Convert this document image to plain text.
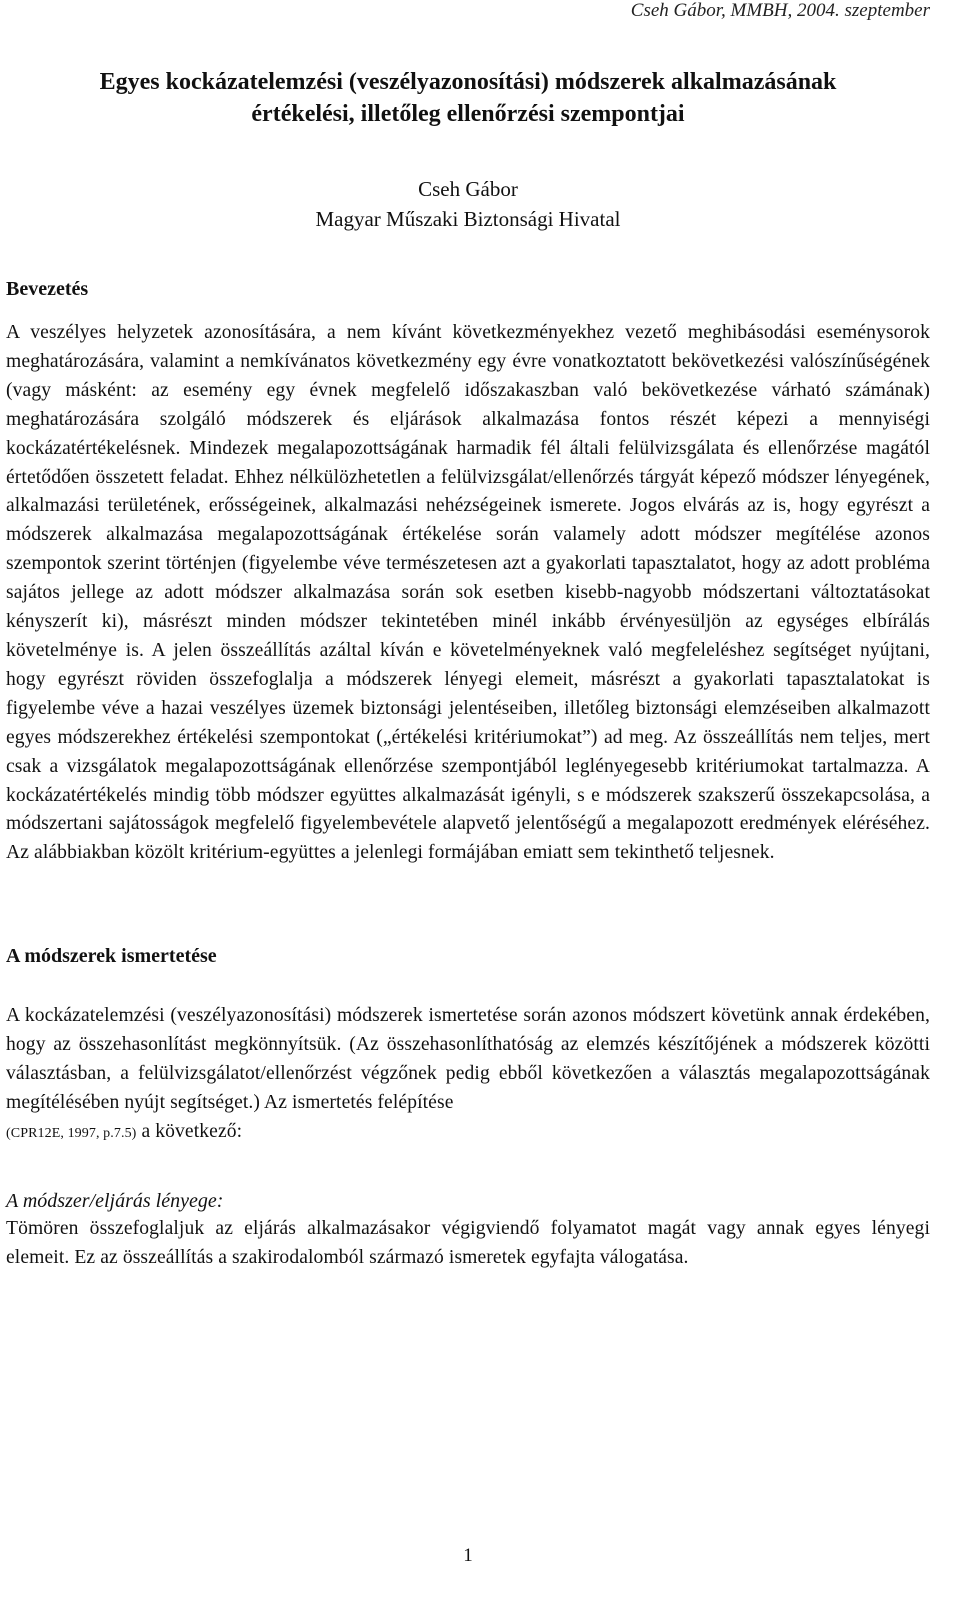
Cseh Gábor, MMBH, 2004. szeptember
Egyes kockázatelemzési (veszélyazonosítási) módszerek alkalmazásának
értékelési, illetőleg ellenőrzési szempontjai
Cseh Gábor
Magyar Műszaki Biztonsági Hivatal
Bevezetés
A veszélyes helyzetek azonosítására, a nem kívánt következményekhez vezető meghibásodási eseménysorok meghatározására, valamint a nemkívánatos következmény egy évre vonatkoztatott bekövetkezési valószínűségének (vagy másként: az esemény egy évnek megfelelő időszakaszban való bekövetkezése várható számának) meghatározására szolgáló módszerek és eljárások alkalmazása fontos részét képezi a mennyiségi kockázatértékelésnek. Mindezek megalapozottságának harmadik fél általi felülvizsgálata és ellenőrzése magától értetődően összetett feladat. Ehhez nélkülözhetetlen a felülvizsgálat/ellenőrzés tárgyát képező módszer lényegének, alkalmazási területének, erősségeinek, alkalmazási nehézségeinek ismerete. Jogos elvárás az is, hogy egyrészt a módszerek alkalmazása megalapozottságának értékelése során valamely adott módszer megítélése azonos szempontok szerint történjen (figyelembe véve természetesen azt a gyakorlati tapasztalatot, hogy az adott probléma sajátos jellege az adott módszer alkalmazása során sok esetben kisebb-nagyobb módszertani változtatásokat kényszerít ki), másrészt minden módszer tekintetében minél inkább érvényesüljön az egységes elbírálás követelménye is. A jelen összeállítás azáltal kíván e követelményeknek való megfeleléshez segítséget nyújtani, hogy egyrészt röviden összefoglalja a módszerek lényegi elemeit, másrészt a gyakorlati tapasztalatokat is figyelembe véve a hazai veszélyes üzemek biztonsági jelentéseiben, illetőleg biztonsági elemzéseiben alkalmazott egyes módszerekhez értékelési szempontokat („értékelési kritériumokat”) ad meg. Az összeállítás nem teljes, mert csak a vizsgálatok megalapozottságának ellenőrzése szempontjából leglényegesebb kritériumokat tartalmazza. A kockázatértékelés mindig több módszer együttes alkalmazását igényli, s e módszerek szakszerű összekapcsolása, a módszertani sajátosságok megfelelő figyelembevétele alapvető jelentőségű a megalapozott eredmények eléréséhez. Az alábbiakban közölt kritérium-együttes a jelenlegi formájában emiatt sem tekinthető teljesnek.
A módszerek ismertetése
A kockázatelemzési (veszélyazonosítási) módszerek ismertetése során azonos módszert követünk annak érdekében, hogy az összehasonlítást megkönnyítsük. (Az összehasonlíthatóság az elemzés készítőjének a módszerek közötti választásban, a felülvizsgálatot/ellenőrzést végzőnek pedig ebből következően a választás megalapozottságának megítélésében nyújt segítséget.) Az ismertetés felépítése
(CPR12E, 1997, p.7.5) a következő:
A módszer/eljárás lényege:
Tömören összefoglaljuk az eljárás alkalmazásakor végigviendő folyamatot magát vagy annak egyes lényegi elemeit. Ez az összeállítás a szakirodalomból származó ismeretek egyfajta válogatása.
1
